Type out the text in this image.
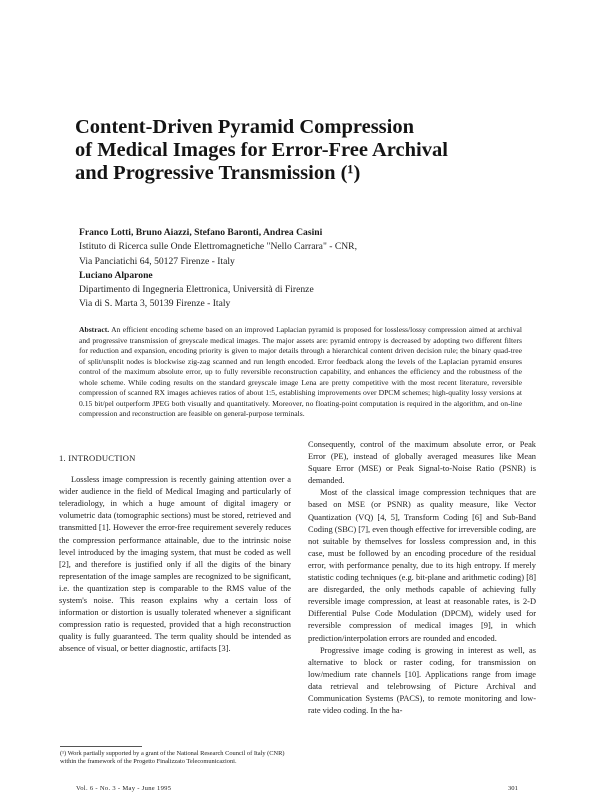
Content-Driven Pyramid Compression
of Medical Images for Error-Free Archival
and Progressive Transmission (¹)
Franco Lotti, Bruno Aiazzi, Stefano Baronti, Andrea Casini
Istituto di Ricerca sulle Onde Elettromagnetiche "Nello Carrara" - CNR,
Via Panciatichi 64, 50127 Firenze - Italy
Luciano Alparone
Dipartimento di Ingegneria Elettronica, Università di Firenze
Via di S. Marta 3, 50139 Firenze - Italy
Abstract. An efficient encoding scheme based on an improved Laplacian pyramid is proposed for lossless/lossy compression aimed at archival and progressive transmission of greyscale medical images. The major assets are: pyramid entropy is decreased by adopting two different filters for reduction and expansion, encoding priority is given to major details through a hierarchical content driven decision rule; the binary quad-tree of split/unsplit nodes is blockwise zig-zag scanned and run length encoded. Error feedback along the levels of the Laplacian pyramid ensures control of the maximum absolute error, up to fully reversible reconstruction capability, and enhances the efficiency and the robustness of the whole scheme. While coding results on the standard greyscale image Lena are pretty competitive with the most recent literature, reversible compression of scanned RX images achieves ratios of about 1:5, establishing improvements over DPCM schemes; high-quality lossy versions at 0.15 bit/pel outperform JPEG both visually and quantitatively. Moreover, no floating-point computation is required in the algorithm, and on-line compression and reconstruction are feasible on general-purpose terminals.
1. INTRODUCTION

Lossless image compression is recently gaining attention over a wider audience in the field of Medical Imaging and particularly of teleradiology, in which a huge amount of digital imagery or volumetric data (tomographic sections) must be stored, retrieved and transmitted [1]. However the error-free requirement severely reduces the compression performance attainable, due to the intrinsic noise level introduced by the imaging system, that must be coded as well [2], and therefore is justified only if all the digits of the binary representation of the image samples are recognized to be significant, i.e. the quantization step is comparable to the RMS value of the system's noise. This reason explains why a certain loss of information or distortion is usually tolerated whenever a significant compression ratio is requested, provided that a high reconstruction quality is fully guaranteed. The term quality should be intended as absence of visual, or better diagnostic, artifacts [3].

Consequently, control of the maximum absolute error, or Peak Error (PE), instead of globally averaged measures like Mean Square Error (MSE) or Peak Signal-to-Noise Ratio (PSNR) is demanded.

Most of the classical image compression techniques that are based on MSE (or PSNR) as quality measure, like Vector Quantization (VQ) [4, 5], Transform Coding [6] and Sub-Band Coding (SBC) [7], even though effective for irreversible coding, are not suitable by themselves for lossless compression and, in this case, must be followed by an encoding procedure of the residual error, with performance penalty, due to its high entropy. If merely statistic coding techniques (e.g. bit-plane and arithmetic coding) [8] are disregarded, the only methods capable of achieving fully reversible image compression, at least at reasonable rates, is 2-D Differential Pulse Code Modulation (DPCM), widely used for reversible compression of medical images [9], in which prediction/interpolation errors are rounded and encoded.

Progressive image coding is growing in interest as well, as alternative to block or raster coding, for transmission on low/medium rate channels [10]. Applications range from image data retrieval and telebrowsing of Picture Archival and Communication Systems (PACS), to remote monitoring and low-rate video coding. In the ha-

(¹) Work partially supported by a grant of the National Research Council of Italy (CNR) within the framework of the Progetto Finalizzato Telecomunicazioni.
Vol. 6 - No. 3 - May - June 1995	301
